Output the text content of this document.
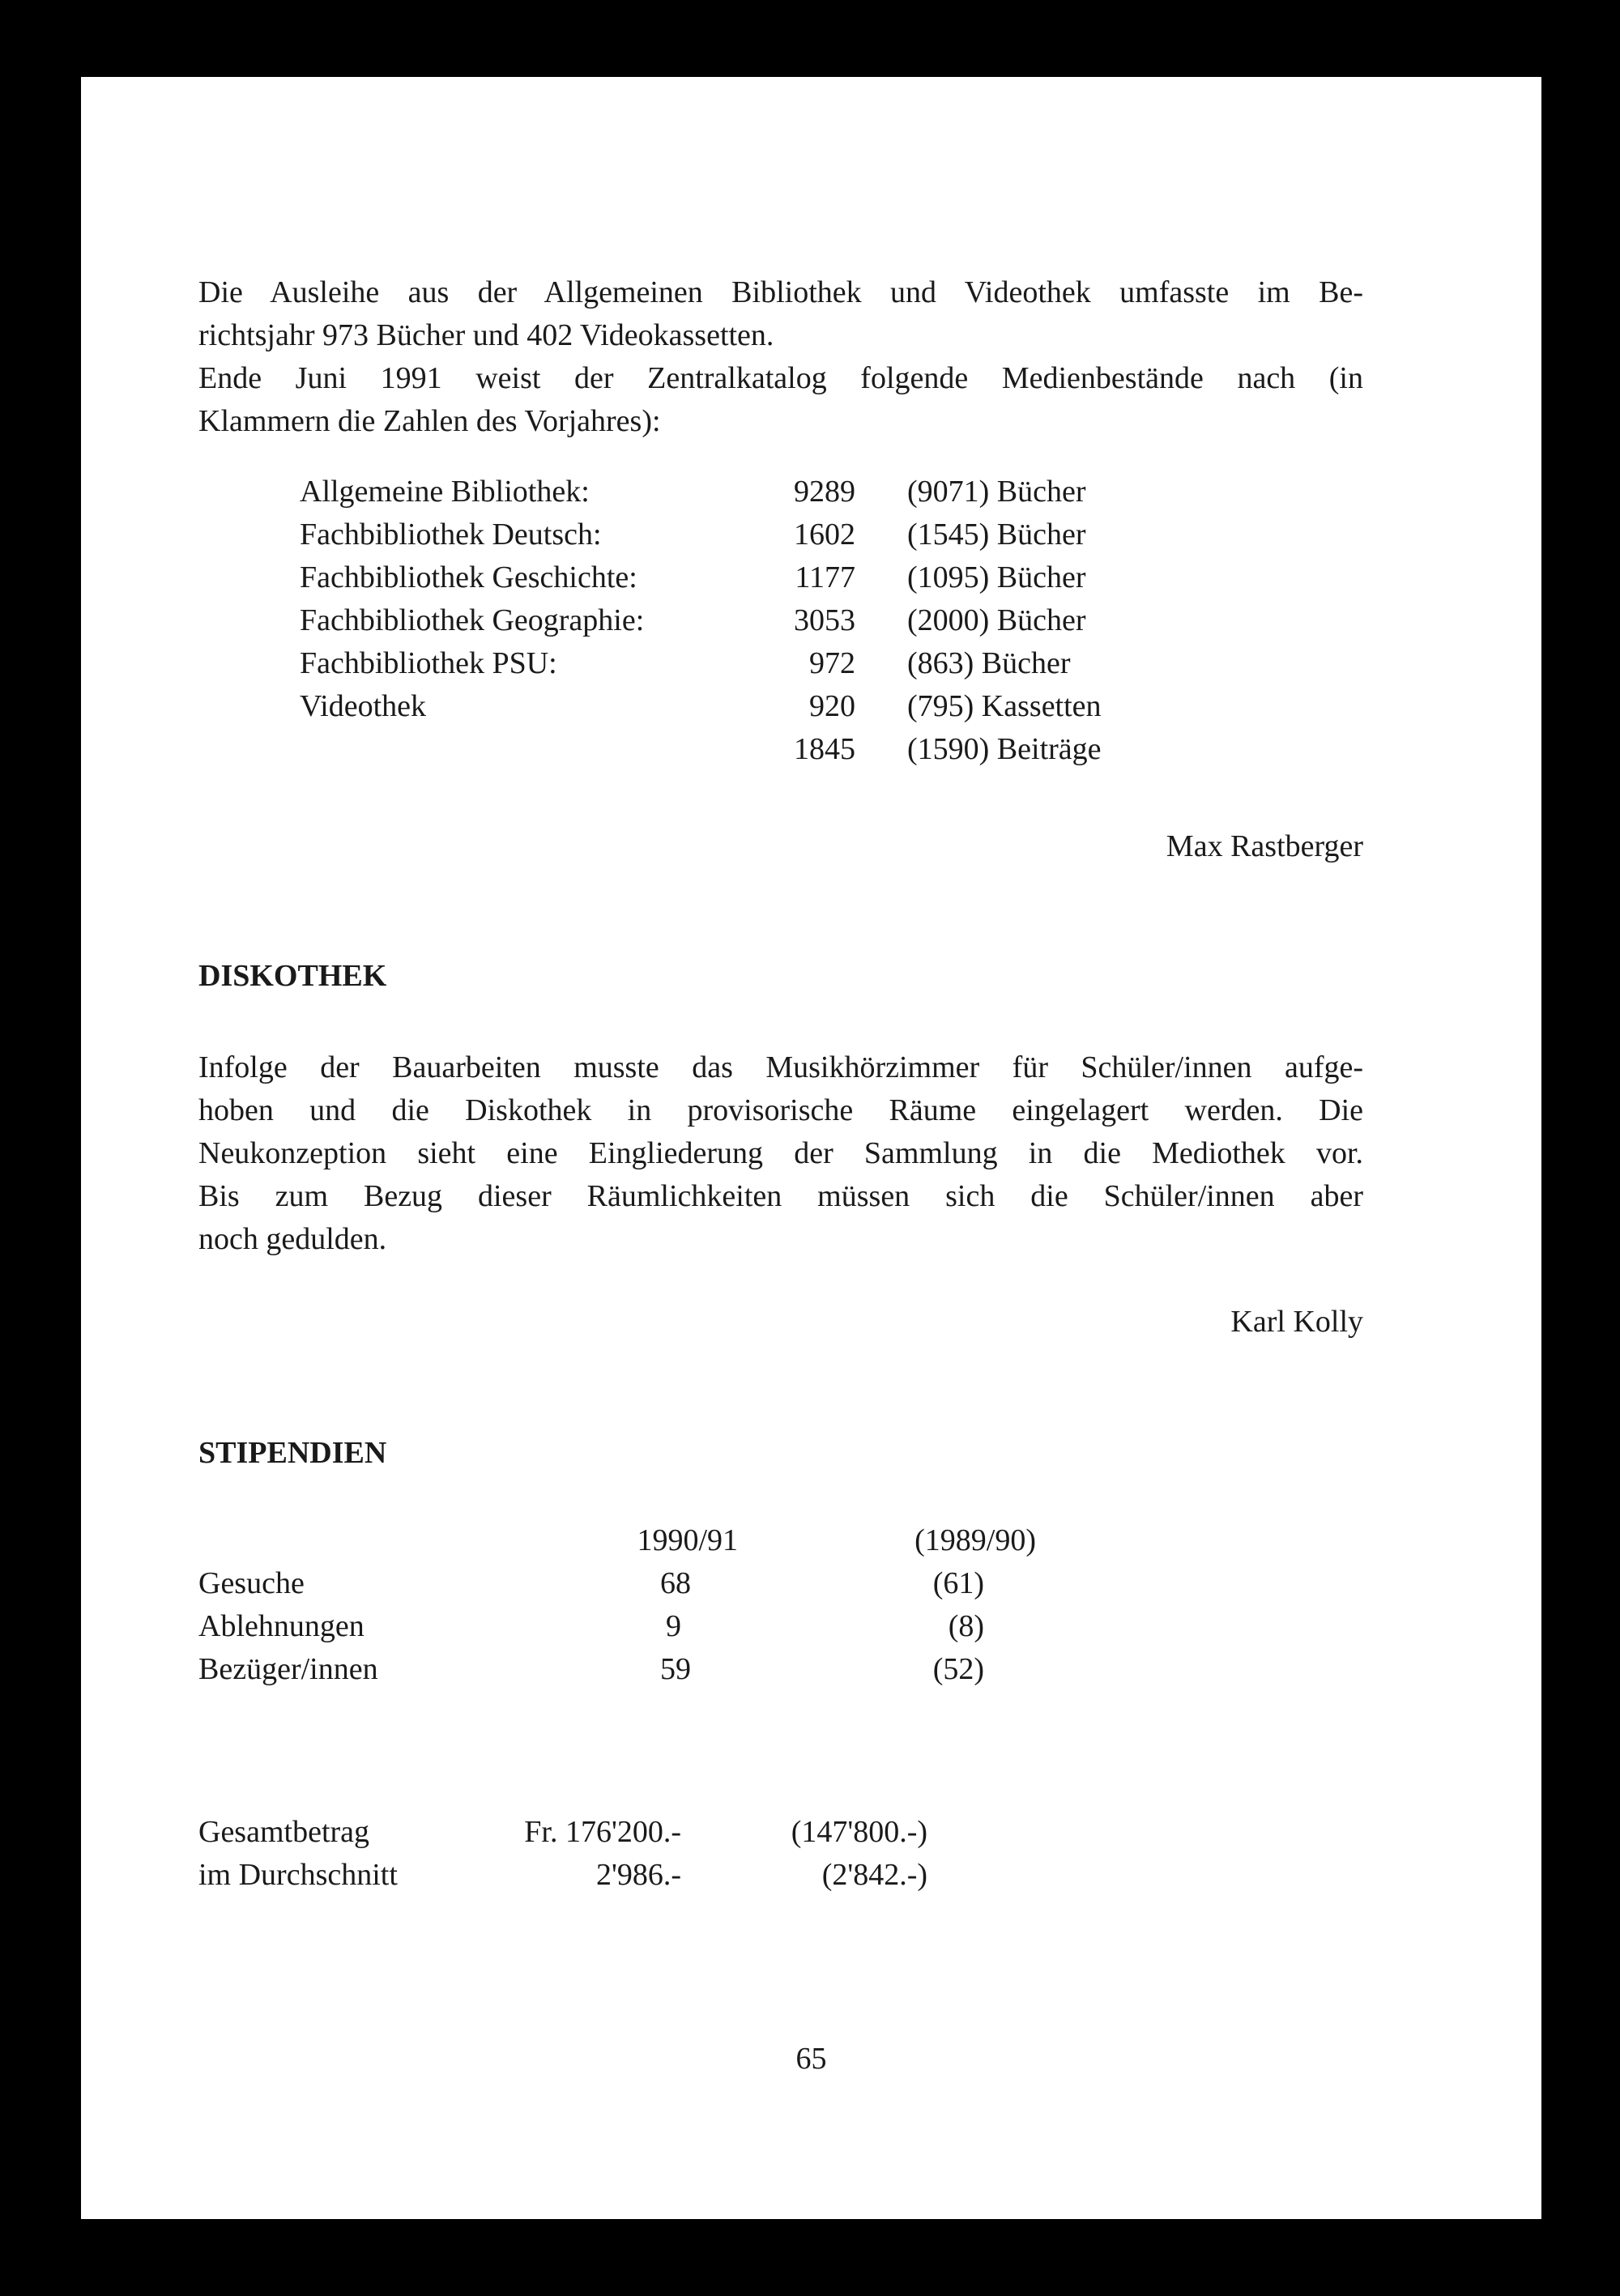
Die Ausleihe aus der Allgemeinen Bibliothek und Videothek umfasste im Be-
richtsjahr 973 Bücher und 402 Videokassetten.
Ende Juni 1991 weist der Zentralkatalog folgende Medienbestände nach (in
Klammern die Zahlen des Vorjahres):

Allgemeine Bibliothek:	9289		(9071) Bücher
Fachbibliothek Deutsch:	1602		(1545) Bücher
Fachbibliothek Geschichte:	1177		(1095) Bücher
Fachbibliothek Geographie:	3053		(2000) Bücher
Fachbibliothek PSU:	972		(863) Bücher
Videothek	920		(795) Kassetten
	1845		(1590) Beiträge

Max Rastberger

DISKOTHEK

Infolge der Bauarbeiten musste das Musikhörzimmer für Schüler/innen aufge-
hoben und die Diskothek in provisorische Räume eingelagert werden. Die
Neukonzeption sieht eine Eingliederung der Sammlung in die Mediothek vor.
Bis zum Bezug dieser Räumlichkeiten müssen sich die Schüler/innen aber
noch gedulden.

Karl Kolly

STIPENDIEN
	1990/91	(1989/90)
Gesuche	68	(61)
Ablehnungen	9	(8)
Bezüger/innen	59	(52)
Gesamtbetrag	Fr. 176'200.-	(147'800.-)
im Durchschnitt	2'986.-	(2'842.-)

65
